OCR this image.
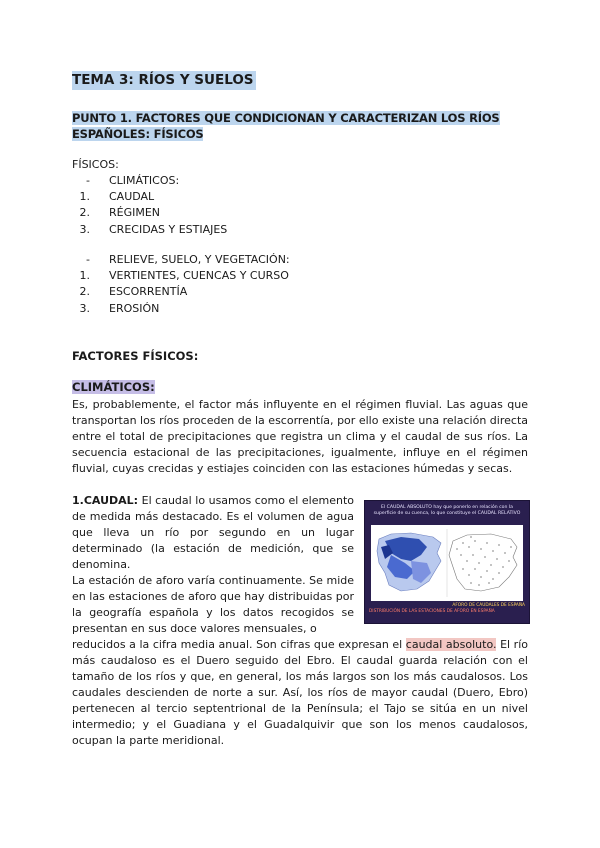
TEMA 3: RÍOS Y SUELOS
PUNTO 1. FACTORES QUE CONDICIONAN Y CARACTERIZAN LOS RÍOS
ESPAÑOLES: FÍSICOS
FÍSICOS:
- CLIMÁTICOS:
1. CAUDAL
2. RÉGIMEN
3. CRECIDAS Y ESTIAJES
- RELIEVE, SUELO, Y VEGETACIÓN:
1. VERTIENTES, CUENCAS Y CURSO
2. ESCORRENTÍA
3. EROSIÓN
FACTORES FÍSICOS:
CLIMÁTICOS:

Es, probablemente, el factor más influyente en el régimen fluvial. Las aguas que transportan los ríos proceden de la escorrentía, por ello existe una relación directa entre el total de precipitaciones que registra un clima y el caudal de sus ríos. La secuencia estacional de las precipitaciones, igualmente, influye en el régimen fluvial, cuyas crecidas y estiajes coinciden con las estaciones húmedas y secas.

1.CAUDAL: El caudal lo usamos como el elemento de medida más destacado. Es el volumen de agua que lleva un río por segundo en un lugar determinado (la estación de medición, que se denomina.

La estación de aforo varía continuamente. Se mide en las estaciones de aforo que hay distribuidas por la geografía española y los datos recogidos se presentan en sus doce valores mensuales, o

reducidos a la cifra media anual. Son cifras que expresan el caudal absoluto. El río más caudaloso es el Duero seguido del Ebro. El caudal guarda relación con el tamaño de los ríos y que, en general, los más largos son los más caudalosos. Los caudales descienden de norte a sur. Así, los ríos de mayor caudal (Duero, Ebro) pertenecen al tercio septentrional de la Península; el Tajo se sitúa en un nivel intermedio; y el Guadiana y el Guadalquivir que son los menos caudalosos, ocupan la parte meridional.

El CAUDAL ABSOLUTO hay que ponerlo en relación con la superficie de su cuenca, lo que constituye el CAUDAL RELATIVO
AFORO DE CAUDALES DE ESPAÑA
DISTRIBUCIÓN DE LAS ESTACIONES DE AFORO EN ESPAÑA
